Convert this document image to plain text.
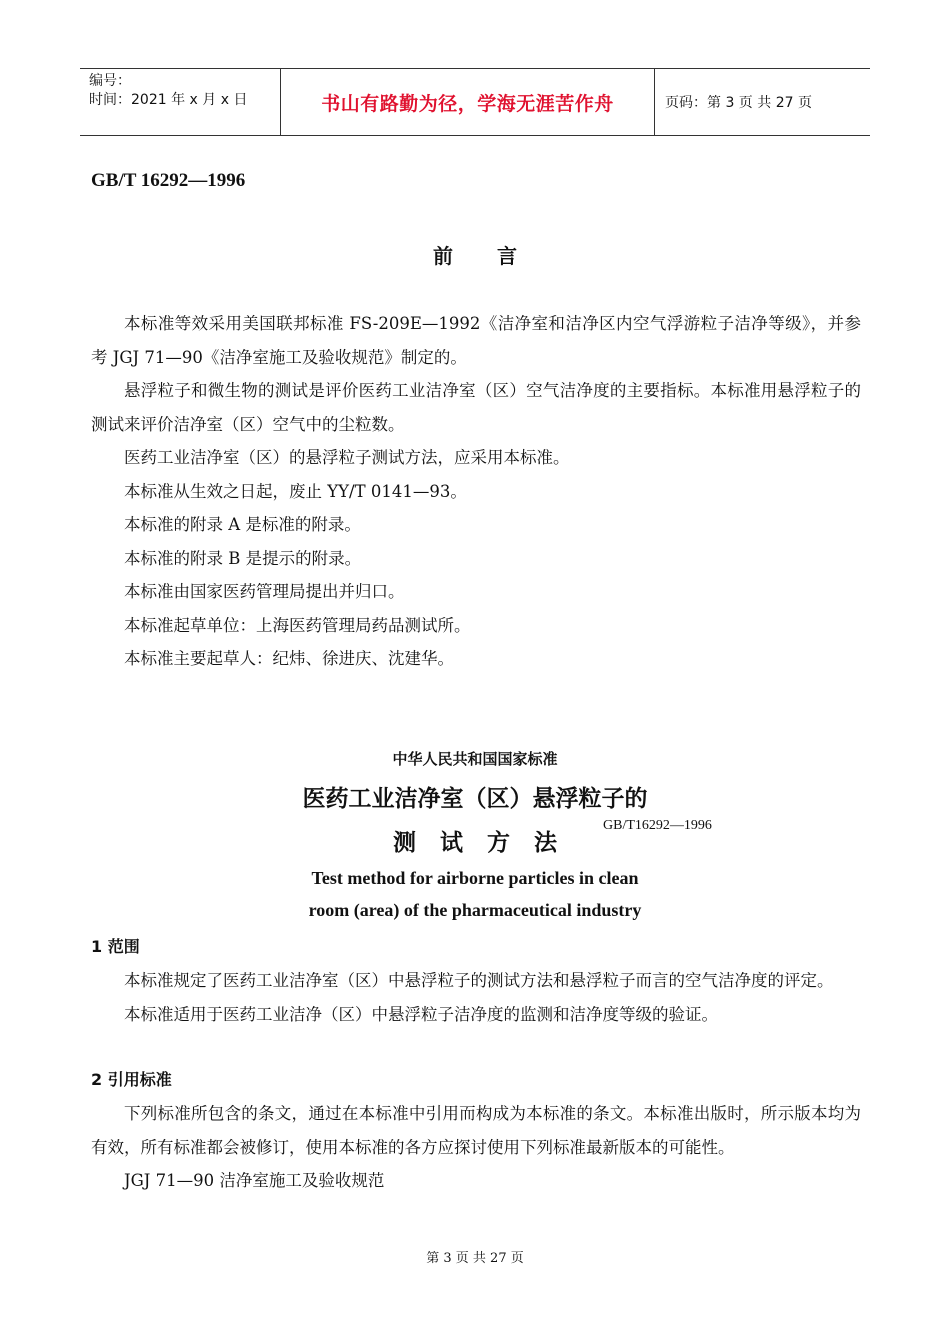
编号：
时间：2021 年 x 月 x 日	书山有路勤为径，学海无涯苦作舟	页码：第 3 页 共 27 页
GB/T 16292—1996
前 言

本标准等效采用美国联邦标准 FS-209E—1992《洁净室和洁净区内空气浮游粒子洁净等级》，并参考 JGJ 71—90《洁净室施工及验收规范》制定的。

悬浮粒子和微生物的测试是评价医药工业洁净室（区）空气洁净度的主要指标。本标准用悬浮粒子的测试来评价洁净室（区）空气中的尘粒数。

医药工业洁净室（区）的悬浮粒子测试方法，应采用本标准。

本标准从生效之日起，废止 YY/T 0141—93。

本标准的附录 A 是标准的附录。

本标准的附录 B 是提示的附录。

本标准由国家医药管理局提出并归口。

本标准起草单位：上海医药管理局药品测试所。

本标准主要起草人：纪炜、徐进庆、沈建华。

中华人民共和国国家标准
医药工业洁净室（区）悬浮粒子的
测试方法
GB/T16292—1996
Test method for airborne particles in clean
room (area) of the pharmaceutical industry
1 范围

本标准规定了医药工业洁净室（区）中悬浮粒子的测试方法和悬浮粒子而言的空气洁净度的评定。

本标准适用于医药工业洁净（区）中悬浮粒子洁净度的监测和洁净度等级的验证。

2 引用标准

下列标准所包含的条文，通过在本标准中引用而构成为本标准的条文。本标准出版时，所示版本均为有效，所有标准都会被修订，使用本标准的各方应探讨使用下列标准最新版本的可能性。

JGJ 71—90 洁净室施工及验收规范

第 3 页 共 27 页
